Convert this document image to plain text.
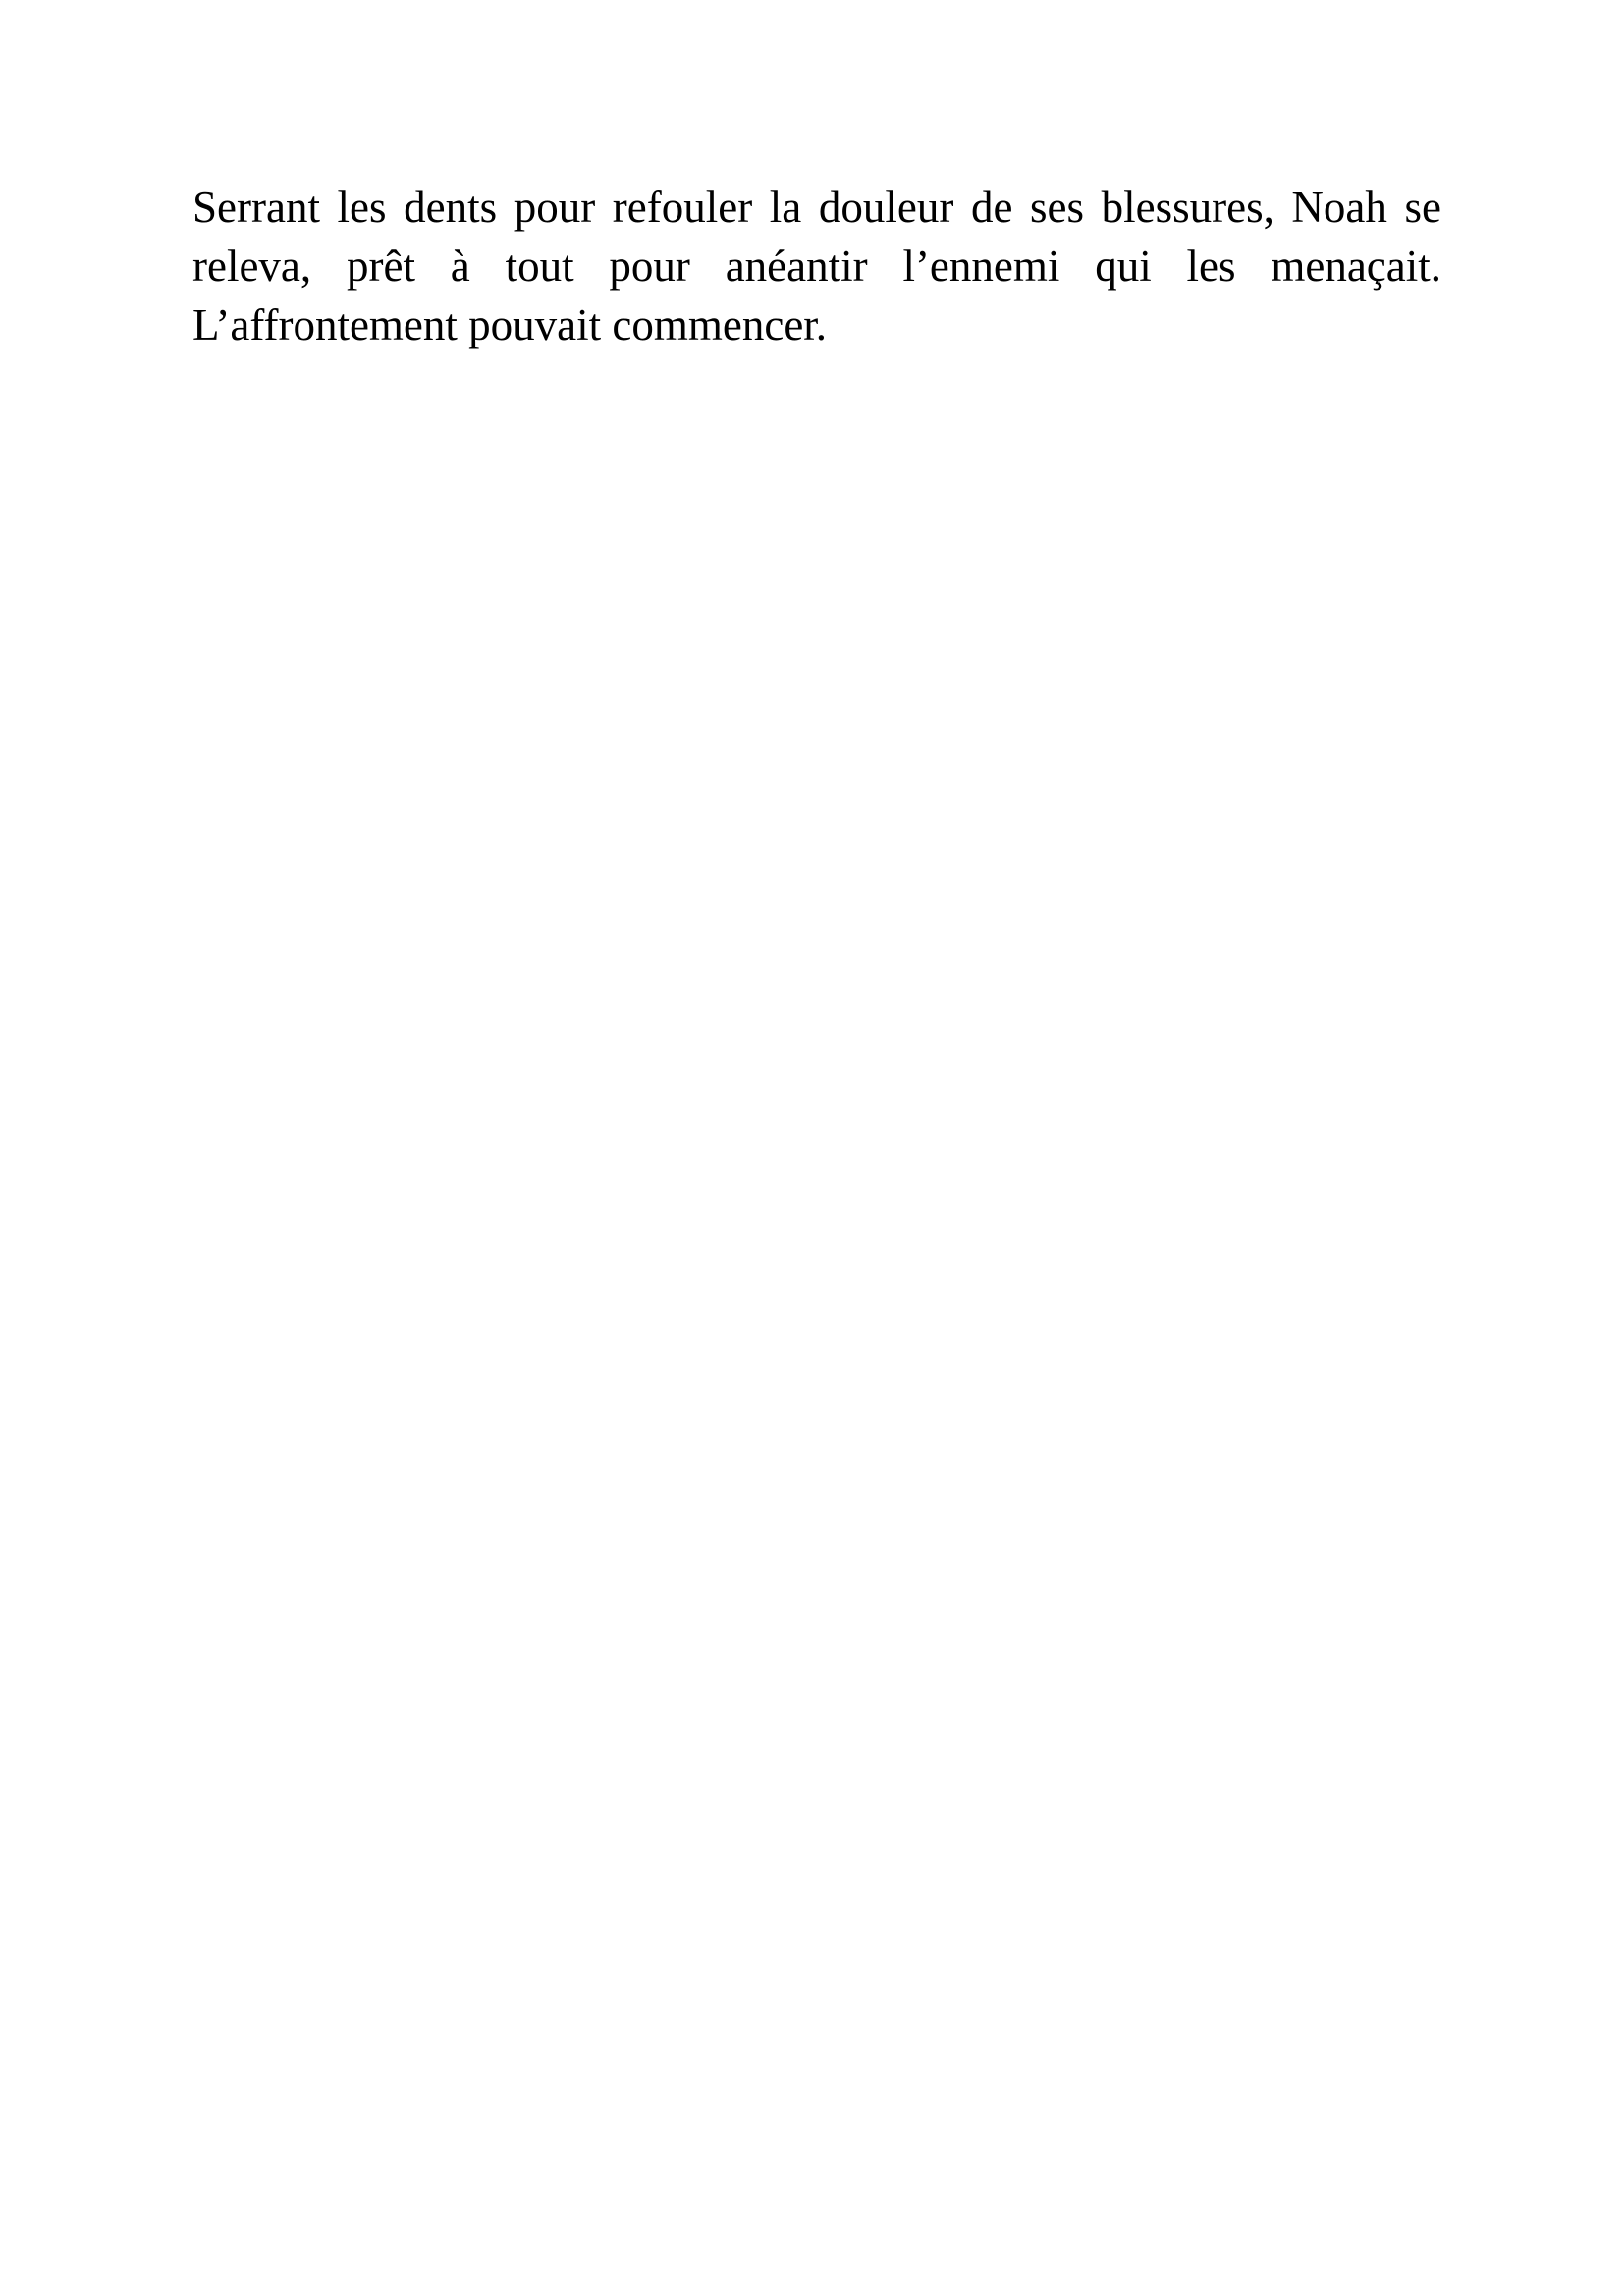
Serrant les dents pour refouler la douleur de ses blessures, Noah se releva, prêt à tout pour anéantir l’ennemi qui les menaçait. L’affrontement pouvait commencer.
